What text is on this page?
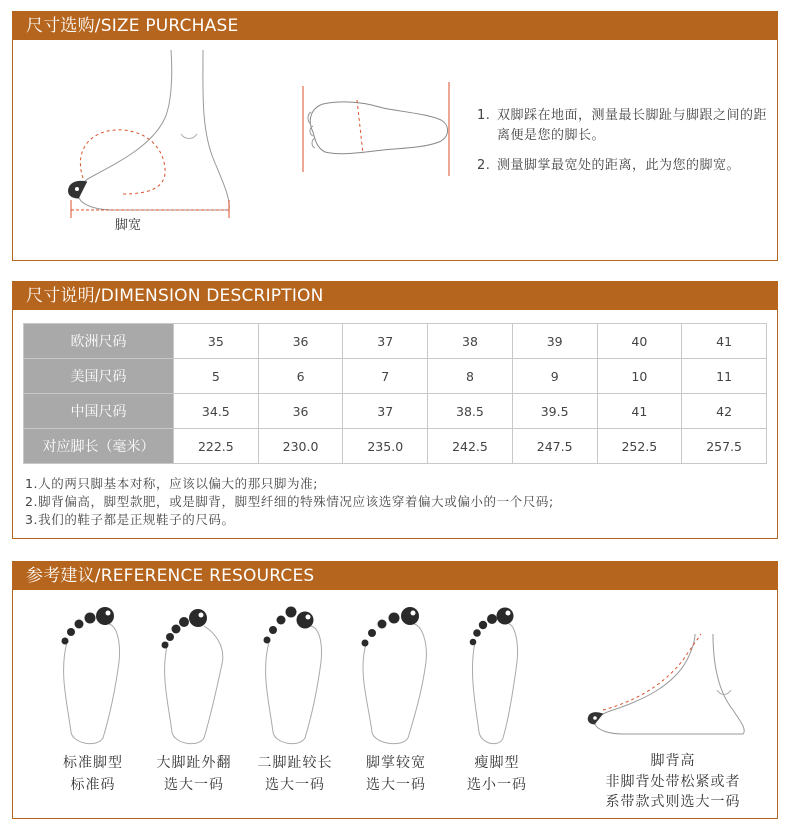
尺寸选购/SIZE PURCHASE
脚宽
1. 双脚踩在地面，测量最长脚趾与脚跟之间的距离便是您的脚长。
2. 测量脚掌最宽处的距离，此为您的脚宽。
尺寸说明/DIMENSION DESCRIPTION
欧洲尺码	35	36	37	38	39	40	41
美国尺码	5	6	7	8	9	10	11
中国尺码	34.5	36	37	38.5	39.5	41	42
对应脚长（毫米）	222.5	230.0	235.0	242.5	247.5	252.5	257.5
1.人的两只脚基本对称，应该以偏大的那只脚为准;
2.脚背偏高，脚型款肥，或是脚背，脚型纤细的特殊情况应该选穿着偏大或偏小的一个尺码;
3.我们的鞋子都是正规鞋子的尺码。
参考建议/REFERENCE RESOURCES
标准脚型
标准码
大脚趾外翻
选大一码
二脚趾较长
选大一码
脚掌较宽
选大一码
瘦脚型
选小一码
脚背高
非脚背处带松紧或者
系带款式则选大一码
